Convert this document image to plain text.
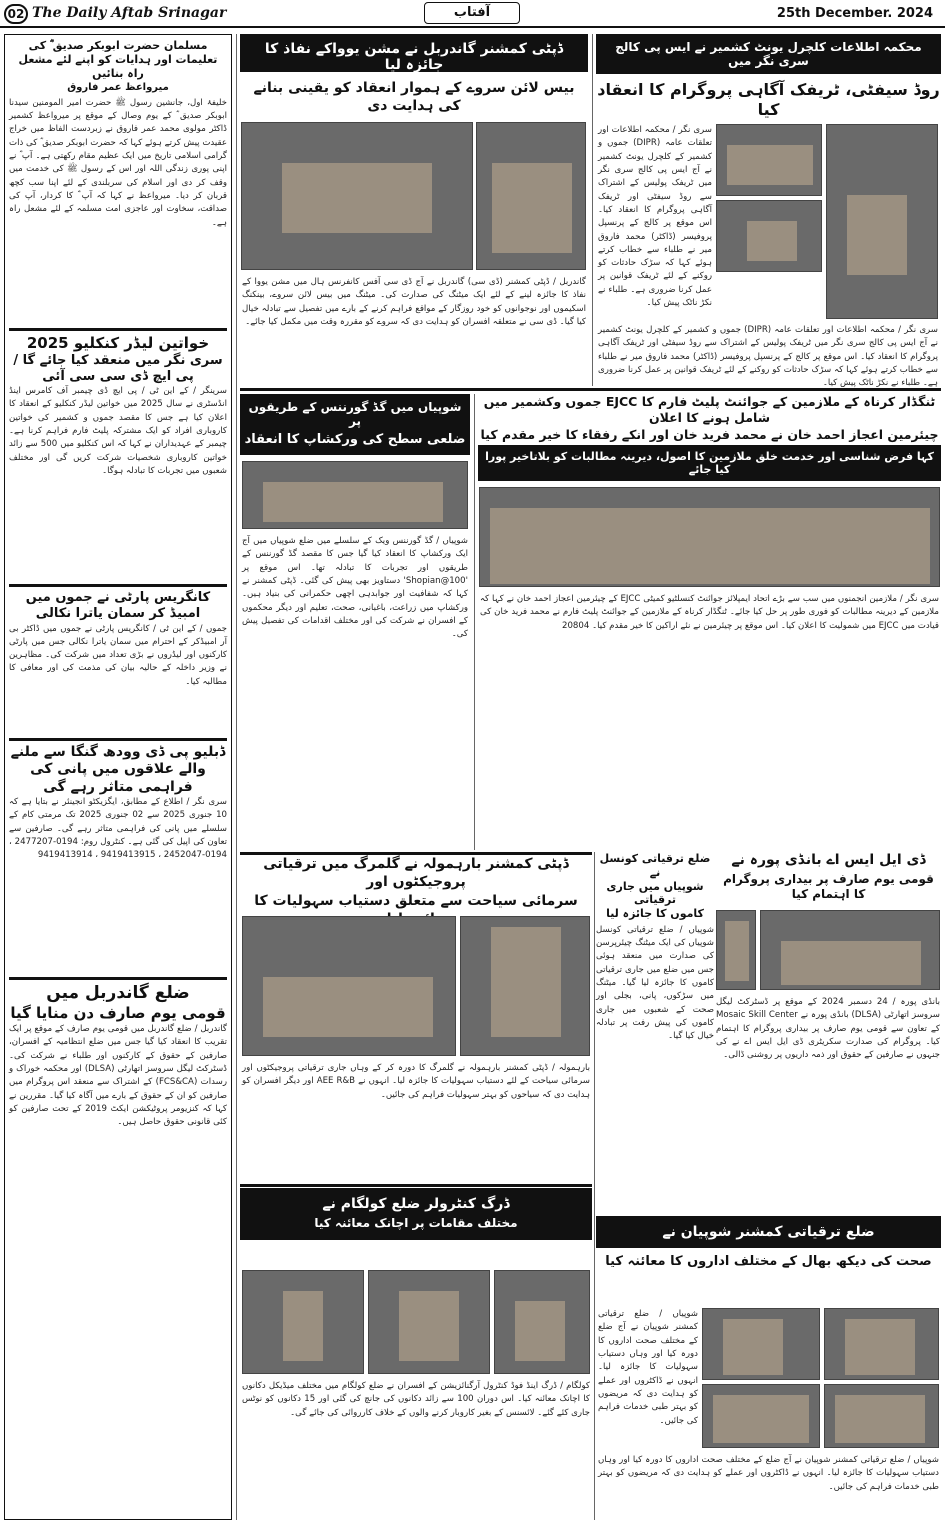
02 The Daily Aftab Srinagar	آفتاب	25th December. 2024
مسلمان حضرت ابوبکر صدیق ؓ کی تعلیمات اور ہدایات کو اپنے لئے مشعل راہ بنائیں
میرواعظ عمر فاروق
خلیفۂ اول، جانشین رسول ﷺ حضرت امیر المومنین سیدنا ابوبکر صدیق ؓ کے یوم وصال کے موقع پر میرواعظ کشمیر ڈاکٹر مولوی محمد عمر فاروق نے زبردست الفاظ میں خراج عقیدت پیش کرتے ہوئے کہا کہ حضرت ابوبکر صدیق ؓ کی ذات گرامی اسلامی تاریخ میں ایک عظیم مقام رکھتی ہے۔ آپ ؓ نے اپنی پوری زندگی اللہ اور اس کے رسول ﷺ کی خدمت میں وقف کر دی اور اسلام کی سربلندی کے لئے اپنا سب کچھ قربان کر دیا۔ میرواعظ نے کہا کہ آپ ؓ کا کردار، آپ کی صداقت، سخاوت اور عاجزی امت مسلمہ کے لئے مشعل راہ ہے۔
خواتین لیڈر کنکلیو 2025
سری نگر میں منعقد کیا جائے گا / پی ایچ ڈی سی سی آئی
سرینگر / کے این ٹی / پی ایچ ڈی چیمبر آف کامرس اینڈ انڈسٹری نے سال 2025 میں خواتین لیڈر کنکلیو کے انعقاد کا اعلان کیا ہے جس کا مقصد جموں و کشمیر کی خواتین کاروباری افراد کو ایک مشترکہ پلیٹ فارم فراہم کرنا ہے۔ چیمبر کے عہدیداران نے کہا کہ اس کنکلیو میں 500 سے زائد خواتین کاروباری شخصیات شرکت کریں گی اور مختلف شعبوں میں تجربات کا تبادلہ ہوگا۔
کانگریس پارٹی نے جموں میں امبیڈ کر سمان یاترا نکالی
جموں / کے این ٹی / کانگریس پارٹی نے جموں میں ڈاکٹر بی آر امبیڈکر کے احترام میں سمان یاترا نکالی جس میں پارٹی کارکنوں اور لیڈروں نے بڑی تعداد میں شرکت کی۔ مظاہرین نے وزیر داخلہ کے حالیہ بیان کی مذمت کی اور معافی کا مطالبہ کیا۔
ڈبلیو پی ڈی وودھ گنگا سے ملنے والے علاقوں میں پانی کی فراہمی متاثر رہے گی
سری نگر / اطلاع کے مطابق، ایگزیکٹو انجینئر نے بتایا ہے کہ 10 جنوری 2025 سے 02 جنوری 2025 تک مرمتی کام کے سلسلے میں پانی کی فراہمی متاثر رہے گی۔ صارفین سے تعاون کی اپیل کی گئی ہے۔ کنٹرول روم: 0194-2477207 ، 0194-2452047 ، 9419413915 ، 9419413914
ضلع گاندربل میں
قومی یوم صارف دن منایا گیا
گاندربل / ضلع گاندربل میں قومی یوم صارف کے موقع پر ایک تقریب کا انعقاد کیا گیا جس میں ضلع انتظامیہ کے افسران، صارفین کے حقوق کے کارکنوں اور طلباء نے شرکت کی۔ ڈسٹرکٹ لیگل سروسز اتھارٹی (DLSA) اور محکمہ خوراک و رسدات (FCS&CA) کے اشتراک سے منعقد اس پروگرام میں صارفین کو ان کے حقوق کے بارے میں آگاہ کیا گیا۔ مقررین نے کہا کہ کنزیومر پروٹیکشن ایکٹ 2019 کے تحت صارفین کو کئی قانونی حقوق حاصل ہیں۔
محکمہ اطلاعات کلچرل یونٹ کشمیر نے ایس پی کالج سری نگر میں
روڈ سیفٹی، ٹریفک آگاہی پروگرام کا انعقاد کیا
سری نگر / محکمہ اطلاعات اور تعلقات عامہ (DIPR) جموں و کشمیر کے کلچرل یونٹ کشمیر نے آج ایس پی کالج سری نگر میں ٹریفک پولیس کے اشتراک سے روڈ سیفٹی اور ٹریفک آگاہی پروگرام کا انعقاد کیا۔ اس موقع پر کالج کے پرنسپل پروفیسر (ڈاکٹر) محمد فاروق میر نے طلباء سے خطاب کرتے ہوئے کہا کہ سڑک حادثات کو روکنے کے لئے ٹریفک قوانین پر عمل کرنا ضروری ہے۔ طلباء نے نکڑ ناٹک پیش کیا۔
سری نگر / محکمہ اطلاعات اور تعلقات عامہ (DIPR) جموں و کشمیر کے کلچرل یونٹ کشمیر نے آج ایس پی کالج سری نگر میں ٹریفک پولیس کے اشتراک سے روڈ سیفٹی اور ٹریفک آگاہی پروگرام کا انعقاد کیا۔ اس موقع پر کالج کے پرنسپل پروفیسر (ڈاکٹر) محمد فاروق میر نے طلباء سے خطاب کرتے ہوئے کہا کہ سڑک حادثات کو روکنے کے لئے ٹریفک قوانین پر عمل کرنا ضروری ہے۔ طلباء نے نکڑ ناٹک پیش کیا۔
ڈپٹی کمشنر گاندربل نے مشن یوواکے نفاذ کا جائزہ لیا
بیس لائن سروے کے ہموار انعقاد کو یقینی بنانے کی ہدایت دی
گاندربل / ڈپٹی کمشنر (ڈی سی) گاندربل نے آج ڈی سی آفس کانفرنس ہال میں مشن یووا کے نفاذ کا جائزہ لینے کے لئے ایک میٹنگ کی صدارت کی۔ میٹنگ میں بیس لائن سروے، بینکنگ اسکیموں اور نوجوانوں کو خود روزگار کے مواقع فراہم کرنے کے بارے میں تفصیل سے تبادلہ خیال کیا گیا۔ ڈی سی نے متعلقہ افسران کو ہدایت دی کہ سروے کو مقررہ وقت میں مکمل کیا جائے۔
شوپیاں میں گڈ گورننس کے طریقوں پر
ضلعی سطح کی ورکشاپ کا انعقاد
شوپیاں / گڈ گورننس ویک کے سلسلے میں ضلع شوپیاں میں آج ایک ورکشاپ کا انعقاد کیا گیا جس کا مقصد گڈ گورننس کے طریقوں اور تجربات کا تبادلہ تھا۔ اس موقع پر '100@Shopian' دستاویز بھی پیش کی گئی۔ ڈپٹی کمشنر نے کہا کہ شفافیت اور جوابدہی اچھی حکمرانی کی بنیاد ہیں۔ ورکشاپ میں زراعت، باغبانی، صحت، تعلیم اور دیگر محکموں کے افسران نے شرکت کی اور مختلف اقدامات کی تفصیل پیش کی۔
ٹنگڈار کرناہ کے ملازمین کے جوائنٹ پلیٹ فارم کا EJCC جموں وکشمیر میں شامل ہونے کا اعلان
چیئرمین اعجاز احمد خان نے محمد فرید خان اور انکے رفقاء کا خیر مقدم کیا
کہا فرض شناسی اور خدمت خلق ملازمین کا اصول، دیرینہ مطالبات کو بلاتاخیر پورا کیا جائے
سری نگر / ملازمین انجمنوں میں سب سے بڑے اتحاد ایمپلائز جوائنٹ کنسلٹیو کمیٹی EJCC کے چیئرمین اعجاز احمد خان نے کہا کہ ملازمین کے دیرینہ مطالبات کو فوری طور پر حل کیا جائے۔ ٹنگڈار کرناہ کے ملازمین کے جوائنٹ پلیٹ فارم نے محمد فرید خان کی قیادت میں EJCC میں شمولیت کا اعلان کیا۔ اس موقع پر چیئرمین نے نئے اراکین کا خیر مقدم کیا۔ 20804
ضلع ترقیاتی کونسل نے
شوپیاں میں جاری ترقیاتی
کاموں کا جائزہ لیا
شوپیاں / ضلع ترقیاتی کونسل شوپیاں کی ایک میٹنگ چیئرپرسن کی صدارت میں منعقد ہوئی جس میں ضلع میں جاری ترقیاتی کاموں کا جائزہ لیا گیا۔ میٹنگ میں سڑکوں، پانی، بجلی اور صحت کے شعبوں میں جاری کاموں کی پیش رفت پر تبادلہ خیال کیا گیا۔
ڈی ایل ایس اے بانڈی پورہ نے
قومی یوم صارف پر بیداری پروگرام کا اہتمام کیا
بانڈی پورہ / 24 دسمبر 2024 کے موقع پر ڈسٹرکٹ لیگل سروسز اتھارٹی (DLSA) بانڈی پورہ نے Mosaic Skill Center کے تعاون سے قومی یوم صارف پر بیداری پروگرام کا اہتمام کیا۔ پروگرام کی صدارت سکریٹری ڈی ایل ایس اے نے کی جنہوں نے صارفین کے حقوق اور ذمہ داریوں پر روشنی ڈالی۔
ڈپٹی کمشنر بارہمولہ نے گلمرگ میں ترقیاتی پروجیکٹوں اور
سرمائی سیاحت سے متعلق دستیاب سہولیات کا
بارہمولہ / ڈپٹی کمشنر بارہمولہ نے گلمرگ کا دورہ کر کے وہاں جاری ترقیاتی پروجیکٹوں اور سرمائی سیاحت کے لئے دستیاب سہولیات کا جائزہ لیا۔ انہوں نے AEE R&B اور دیگر افسران کو ہدایت دی کہ سیاحوں کو بہتر سہولیات فراہم کی جائیں۔
ڈرگ کنٹرولر ضلع کولگام نے
مختلف مقامات پر اچانک معائنہ کیا
کولگام / ڈرگ اینڈ فوڈ کنٹرول آرگنائزیشن کے افسران نے ضلع کولگام میں مختلف میڈیکل دکانوں کا اچانک معائنہ کیا۔ اس دوران 100 سے زائد دکانوں کی جانچ کی گئی اور 15 دکانوں کو نوٹس جاری کئے گئے۔ لائسنس کے بغیر کاروبار کرنے والوں کے خلاف کارروائی کی جائے گی۔
ضلع ترقیاتی کمشنر شوپیان نے
صحت کی دیکھ بھال کے مختلف اداروں کا معائنہ کیا
شوپیاں / ضلع ترقیاتی کمشنر شوپیان نے آج ضلع کے مختلف صحت اداروں کا دورہ کیا اور وہاں دستیاب سہولیات کا جائزہ لیا۔ انہوں نے ڈاکٹروں اور عملے کو ہدایت دی کہ مریضوں کو بہتر طبی خدمات فراہم کی جائیں۔
شوپیاں / ضلع ترقیاتی کمشنر شوپیان نے آج ضلع کے مختلف صحت اداروں کا دورہ کیا اور وہاں دستیاب سہولیات کا جائزہ لیا۔ انہوں نے ڈاکٹروں اور عملے کو ہدایت دی کہ مریضوں کو بہتر طبی خدمات فراہم کی جائیں۔
